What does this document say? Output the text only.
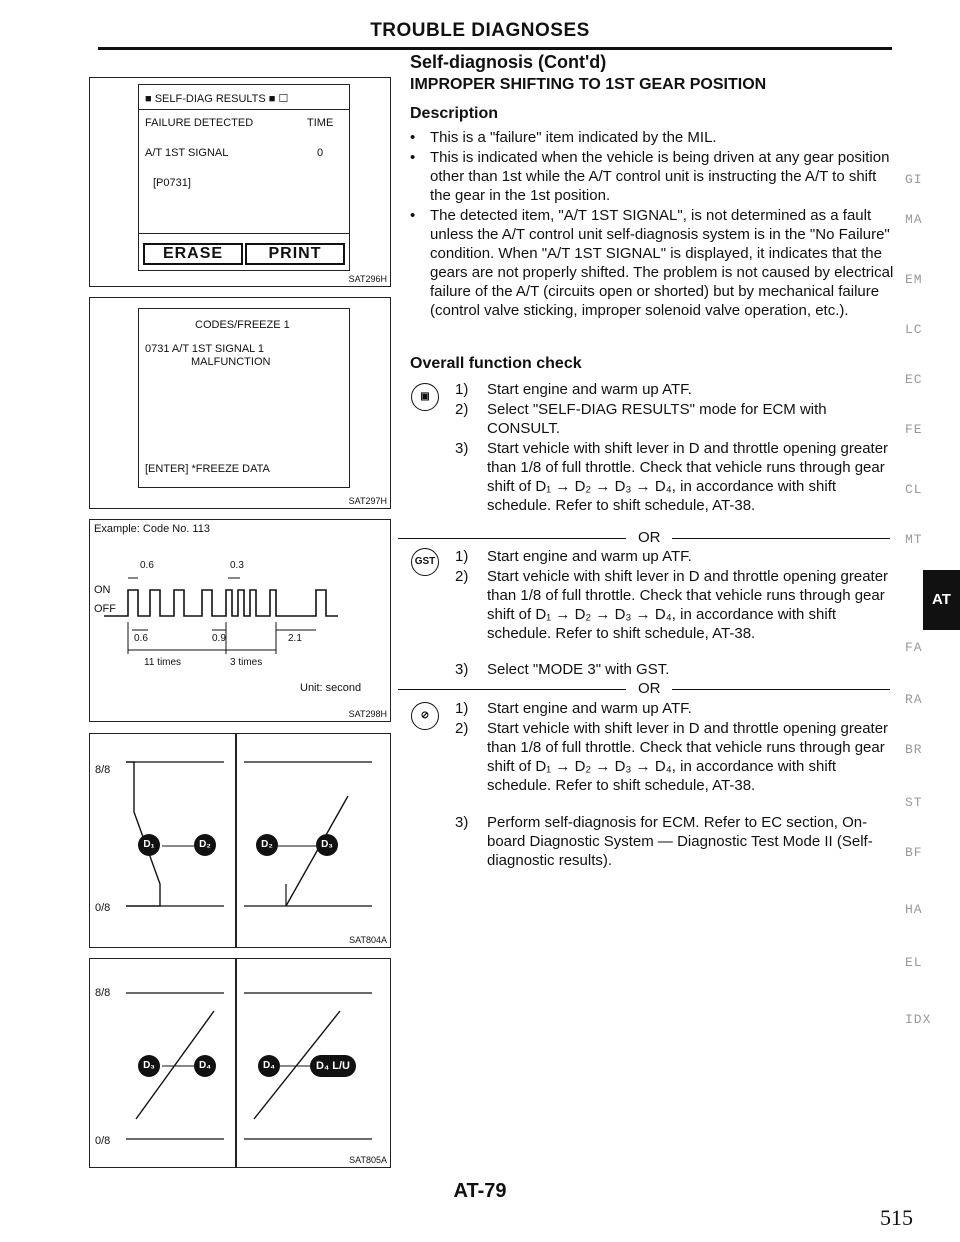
TROUBLE DIAGNOSES
■ SELF-DIAG RESULTS ■ ☐
FAILURE DETECTED	TIME
A/T 1ST SIGNAL	0
[P0731]
ERASE	PRINT
SAT296H
CODES/FREEZE 1
0731 A/T 1ST SIGNAL 1
MALFUNCTION
[ENTER] *FREEZE DATA
SAT297H
Example: Code No. 113
0.6	0.3
ON
OFF
0.6	0.9	2.1
11 times	3 times
Unit: second
SAT298H
8/8
0/8
D₁	D₂	D₂	D₃
SAT804A
8/8
0/8
D₃	D₄	D₄	D₄ L/U
SAT805A
Self-diagnosis (Cont'd)
IMPROPER SHIFTING TO 1ST GEAR POSITION
Description
• This is a "failure" item indicated by the MIL.
• This is indicated when the vehicle is being driven at any gear position other than 1st while the A/T control unit is instructing the A/T to shift the gear in the 1st position.
• The detected item, "A/T 1ST SIGNAL", is not determined as a fault unless the A/T control unit self-diagnosis system is in the "No Failure" condition. When "A/T 1ST SIGNAL" is displayed, it indicates that the gears are not properly shifted. The problem is not caused by electrical failure of the A/T (circuits open or shorted) but by mechanical failure (control valve sticking, improper solenoid valve operation, etc.).
Overall function check
▣	1) Start engine and warm up ATF.
2) Select "SELF-DIAG RESULTS" mode for ECM with CONSULT.
3) Start vehicle with shift lever in D and throttle opening greater than 1/8 of full throttle. Check that vehicle runs through gear shift of D₁ → D₂ → D₃ → D₄, in accordance with shift schedule. Refer to shift schedule, AT-38.
OR
GST 1) Start engine and warm up ATF.
2) Start vehicle with shift lever in D and throttle opening greater than 1/8 of full throttle. Check that vehicle runs through gear shift of D₁ → D₂ → D₃ → D₄, in accordance with shift schedule. Refer to shift schedule, AT-38.
3) Select "MODE 3" with GST.
OR
⊘	1) Start engine and warm up ATF.
2) Start vehicle with shift lever in D and throttle opening greater than 1/8 of full throttle. Check that vehicle runs through gear shift of D₁ → D₂ → D₃ → D₄, in accordance with shift schedule. Refer to shift schedule, AT-38.
3) Perform self-diagnosis for ECM. Refer to EC section, On-board Diagnostic System — Diagnostic Test Mode II (Self-diagnostic results).
GI
MA
EM
LC
EC
FE
CL
MT
AT
FA
RA
BR
ST
BF
HA
EL
IDX
AT-79
515
